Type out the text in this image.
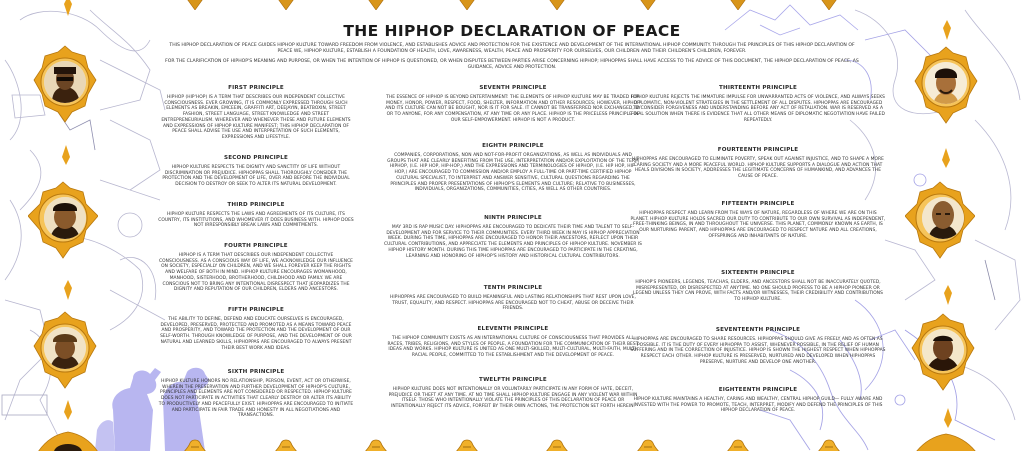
THE HIPHOP DECLARATION OF PEACE

THIS HIPHOP DECLARATION OF PEACE GUIDES HIPHOP KULTURE TOWARD FREEDOM FROM VIOLENCE, AND ESTABLISHES ADVICE AND PROTECTION FOR THE EXISTENCE AND DEVELOPMENT OF THE INTERNATIONAL HIPHOP COMMUNITY. THROUGH THE PRINCIPLES OF THIS HIPHOP DECLARATION OF PEACE WE, HIPHOP KULTURE, ESTABLISH A FOUNDATION OF HEALTH, LOVE, AWARENESS, WEALTH, PEACE AND PROSPERITY FOR OURSELVES, OUR CHILDREN AND THEIR CHILDREN'S CHILDREN, FOREVER.

FOR THE CLARIFICATION OF HIPHOP'S MEANING AND PURPOSE, OR WHEN THE INTENTION OF HIPHOP IS QUESTIONED, OR WHEN DISPUTES BETWEEN PARTIES ARISE CONCERNING HIPHOP; HIPHOPPAS SHALL HAVE ACCESS TO THE ADVICE OF THIS DOCUMENT, THE HIPHOP DECLARATION OF PEACE, AS GUIDANCE, ADVICE AND PROTECTION.

FIRST PRINCIPLE

HIPHOP (HIP'HOP) IS A TERM THAT DESCRIBES OUR INDEPENDENT COLLECTIVE CONSCIOUSNESS. EVER GROWING, IT IS COMMONLY EXPRESSED THROUGH SUCH ELEMENTS AS BREAKIN, EMCEEIN, GRAFFITI ART, DEEJAYIN, BEATBOXIN, STREET FASHION, STREET LANGUAGE, STREET KNOWLEDGE AND STREET ENTREPRENEURIALISM. WHEREVER AND WHENEVER THESE AND FUTURE ELEMENTS AND EXPRESSIONS OF HIPHOP KULTURE MANIFEST; THIS HIPHOP DECLARATION OF PEACE SHALL ADVISE THE USE AND INTERPRETATION OF SUCH ELEMENTS, EXPRESSIONS AND LIFESTYLE.

SECOND PRINCIPLE

HIPHOP KULTURE RESPECTS THE DIGNITY AND SANCTITY OF LIFE WITHOUT DISCRIMINATION OR PREJUDICE. HIPHOPPAS SHALL THOROUGHLY CONSIDER THE PROTECTION AND THE DEVELOPMENT OF LIFE, OVER AND BEFORE THE INDIVIDUAL DECISION TO DESTROY OR SEEK TO ALTER ITS NATURAL DEVELOPMENT.

THIRD PRINCIPLE

HIPHOP KULTURE RESPECTS THE LAWS AND AGREEMENTS OF ITS CULTURE, ITS COUNTRY, ITS INSTITUTIONS, AND WHOMEVER IT DOES BUSINESS WITH. HIPHOP DOES NOT IRRESPONSIBLY BREAK LAWS AND COMMITMENTS.

FOURTH PRINCIPLE

HIPHOP IS A TERM THAT DESCRIBES OUR INDEPENDENT COLLECTIVE CONSCIOUSNESS. AS A CONSCIOUS WAY OF LIFE, WE ACKNOWLEDGE OUR INFLUENCE ON SOCIETY, ESPECIALLY ON CHILDREN, AND WE SHALL FOREVER KEEP THE RIGHTS AND WELFARE OF BOTH IN MIND. HIPHOP KULTURE ENCOURAGES WOMANHOOD, MANHOOD, SISTERHOOD, BROTHERHOOD, CHILDHOOD AND FAMILY. WE ARE CONSCIOUS NOT TO BRING ANY INTENTIONAL DISRESPECT THAT JEOPARDIZES THE DIGNITY AND REPUTATION OF OUR CHILDREN, ELDERS AND ANCESTORS.

FIFTH PRINCIPLE

THE ABILITY TO DEFINE, DEFEND AND EDUCATE OURSELVES IS ENCOURAGED, DEVELOPED, PRESERVED, PROTECTED AND PROMOTED AS A MEANS TOWARD PEACE AND PROSPERITY, AND TOWARD THE PROTECTION AND THE DEVELOPMENT OF OUR SELF-WORTH. THROUGH KNOWLEDGE OF PURPOSE, AND THE DEVELOPMENT OF OUR NATURAL AND LEARNED SKILLS, HIPHOPPAS ARE ENCOURAGED TO ALWAYS PRESENT THEIR BEST WORK AND IDEAS.

SIXTH PRINCIPLE

HIPHOP KULTURE HONORS NO RELATIONSHIP, PERSON, EVENT, ACT OR OTHERWISE, WHEREIN THE PRESERVATION AND FURTHER DEVELOPMENT OF HIPHOP'S CULTURE, PRINCIPLES AND ELEMENTS ARE NOT CONSIDERED OR RESPECTED. HIPHOP KULTURE DOES NOT PARTICIPATE IN ACTIVITIES THAT CLEARLY DESTROY OR ALTER ITS ABILITY TO PRODUCTIVELY AND PEACEFULLY EXIST. HIPHOPPAS ARE ENCOURAGED TO INITIATE AND PARTICIPATE IN FAIR TRADE AND HONESTY IN ALL NEGOTIATIONS AND TRANSACTIONS.

SEVENTH PRINCIPLE

THE ESSENCE OF HIPHOP IS BEYOND ENTERTAINMENT: THE ELEMENTS OF HIPHOP KULTURE MAY BE TRADED FOR MONEY, HONOR, POWER, RESPECT, FOOD, SHELTER, INFORMATION AND OTHER RESOURCES; HOWEVER, HIPHOP AND ITS CULTURE CAN NOT BE BOUGHT, NOR IS IT FOR SALE. IT CANNOT BE TRANSFERRED NOR EXCHANGED, BY OR TO ANYONE, FOR ANY COMPENSATION, AT ANY TIME OR ANY PLACE. HIPHOP IS THE PRICELESS PRINCIPLE OF OUR SELF-EMPOWERMENT. HIPHOP IS NOT A PRODUCT.

EIGHTH PRINCIPLE

COMPANIES, CORPORATIONS, NON AND NOT-FOR-PROFIT ORGANIZATIONS, AS WELL AS INDIVIDUALS AND GROUPS THAT ARE CLEARLY BENEFITING FROM THE USE, INTERPRETATION AND/OR EXPLOITATION OF THE TERM HIPHOP, (I.E. HIP HOP, HIP-HOP,) AND THE EXPRESSIONS AND TERMINOLOGIES OF HIPHOP, (I.E. HIP HOP, HIP-HOP,) ARE ENCOURAGED TO COMMISSION AND/OR EMPLOY A FULL-TIME OR PART-TIME CERTIFIED HIPHOP CULTURAL SPECIALIST, TO INTERPRET AND ANSWER SENSITIVE, CULTURAL QUESTIONS REGARDING THE PRINCIPLES AND PROPER PRESENTATIONS OF HIPHOP'S ELEMENTS AND CULTURE; RELATIVE TO BUSINESSES, INDIVIDUALS, ORGANIZATIONS, COMMUNITIES, CITIES, AS WELL AS OTHER COUNTRIES.

NINTH PRINCIPLE

MAY 3RD IS RAP MUSIC DAY. HIPHOPPAS ARE ENCOURAGED TO DEDICATE THEIR TIME AND TALENT TO SELF-DEVELOPMENT AND FOR SERVICE TO THEIR COMMUNITIES. EVERY THIRD WEEK IN MAY IS HIPHOP APPRECIATION WEEK. DURING THIS TIME, HIPHOPPAS ARE ENCOURAGED TO HONOR THEIR ANCESTORS, REFLECT UPON THEIR CULTURAL CONTRIBUTIONS, AND APPRECIATE THE ELEMENTS AND PRINCIPLES OF HIPHOP KULTURE. NOVEMBER IS HIPHOP HISTORY MONTH. DURING THIS TIME HIPHOPPAS ARE ENCOURAGED TO PARTICIPATE IN THE CREATING, LEARNING AND HONORING OF HIPHOP'S HISTORY AND HISTORICAL CULTURAL CONTRIBUTORS.

TENTH PRINCIPLE

HIPHOPPAS ARE ENCOURAGED TO BUILD MEANINGFUL AND LASTING RELATIONSHIPS THAT REST UPON LOVE, TRUST, EQUALITY, AND RESPECT. HIPHOPPAS ARE ENCOURAGED NOT TO CHEAT, ABUSE OR DECEIVE THEIR FRIENDS.

ELEVENTH PRINCIPLE

THE HIPHOP COMMUNITY EXISTS AS AN INTERNATIONAL CULTURE OF CONSCIOUSNESS THAT PROVIDES ALL RACES, TRIBES, RELIGIONS, AND STYLES OF PEOPLE, A FOUNDATION FOR THE COMMUNICATION OF THEIR BEST IDEAS AND WORKS. HIPHOP KULTURE IS UNITED AS ONE MULTI-SKILLED, MULTI-CULTURAL, MULTI-FAITH, MULTI-RACIAL PEOPLE, COMMITTED TO THE ESTABLISHMENT AND THE DEVELOPMENT OF PEACE.

TWELFTH PRINCIPLE

HIPHOP KULTURE DOES NOT INTENTIONALLY OR VOLUNTARILY PARTICIPATE IN ANY FORM OF HATE, DECEIT, PREJUDICE OR THEFT AT ANY TIME. AT NO TIME SHALL HIPHOP KULTURE ENGAGE IN ANY VIOLENT WAR WITHIN ITSELF. THOSE WHO INTENTIONALLY VIOLATE THE PRINCIPLES OF THIS DECLARATION OF PEACE OR INTENTIONALLY REJECT ITS ADVICE, FORFEIT BY THEIR OWN ACTIONS, THE PROTECTION SET FORTH HEREIN.

THIRTEENTH PRINCIPLE

HIPHOP KULTURE REJECTS THE IMMATURE IMPULSE FOR UNWARRANTED ACTS OF VIOLENCE, AND ALWAYS SEEKS DIPLOMATIC, NON-VIOLENT STRATEGIES IN THE SETTLEMENT OF ALL DISPUTES. HIPHOPPAS ARE ENCOURAGED TO CONSIDER FORGIVENESS AND UNDERSTANDING BEFORE ANY ACT OF RETALIATION. WAR IS RESERVED AS A FINAL SOLUTION WHEN THERE IS EVIDENCE THAT ALL OTHER MEANS OF DIPLOMATIC NEGOTIATION HAVE FAILED REPEATEDLY.

FOURTEENTH PRINCIPLE

HIPHOPPAS ARE ENCOURAGED TO ELIMINATE POVERTY, SPEAK OUT AGAINST INJUSTICE, AND TO SHAPE A MORE CARING SOCIETY AND A MORE PEACEFUL WORLD. HIPHOP KULTURE SUPPORTS A DIALOGUE AND ACTION THAT HEALS DIVISIONS IN SOCIETY, ADDRESSES THE LEGITIMATE CONCERNS OF HUMANKIND, AND ADVANCES THE CAUSE OF PEACE.

FIFTEENTH PRINCIPLE

HIPHOPPAS RESPECT AND LEARN FROM THE WAYS OF NATURE, REGARDLESS OF WHERE WE ARE ON THIS PLANET. HIPHOP KULTURE HOLDS SACRED OUR DUTY TO CONTRIBUTE TO OUR OWN SURVIVAL AS INDEPENDENT, FREE-THINKING BEINGS, IN AND THROUGHOUT THE UNIVERSE. THIS PLANET, COMMONLY KNOWN AS EARTH, IS OUR NURTURING PARENT, AND HIPHOPPAS ARE ENCOURAGED TO RESPECT NATURE AND ALL CREATIONS, OFFSPRINGS AND INHABITANTS OF NATURE.

SIXTEENTH PRINCIPLE

HIPHOP'S PIONEERS, LEGENDS, TEACHAS, ELDERS, AND ANCESTORS SHALL NOT BE INACCURATELY QUOTED, MISREPRESENTED, OR DISRESPECTED AT ANYTIME. NO ONE SHOULD PROFESS TO BE A HIPHOP PIONEER OR LEGEND UNLESS THEY CAN PROVE, WITH FACTS AND/OR WITNESSES, THEIR CREDIBILITY AND CONTRIBUTIONS TO HIPHOP KULTURE.

SEVENTEENTH PRINCIPLE

HIPHOPPAS ARE ENCOURAGED TO SHARE RESOURCES. HIPHOPPAS SHOULD GIVE AS FREELY AND AS OFTEN AS POSSIBLE. IT IS THE DUTY OF EVERY HIPHOPPA TO ASSIST, WHENEVER POSSIBLE, IN THE RELIEF OF HUMAN SUFFERING AND IN THE CORRECTION OF INJUSTICE. HIPHOP IS SHOWN THE HIGHEST RESPECT WHEN HIPHOPPAS RESPECT EACH OTHER. HIPHOP KULTURE IS PRESERVED, NURTURED AND DEVELOPED WHEN HIPHOPPAS PRESERVE, NURTURE AND DEVELOP ONE ANOTHER.

EIGHTEENTH PRINCIPLE

HIPHOP KULTURE MAINTAINS A HEALTHY, CARING AND WEALTHY, CENTRAL HIPHOP GUILD— FULLY AWARE AND INVESTED WITH THE POWER TO PROMOTE, TEACH, INTERPRET, MODIFY AND DEFEND THE PRINCIPLES OF THIS HIPHOP DECLARATION OF PEACE.
